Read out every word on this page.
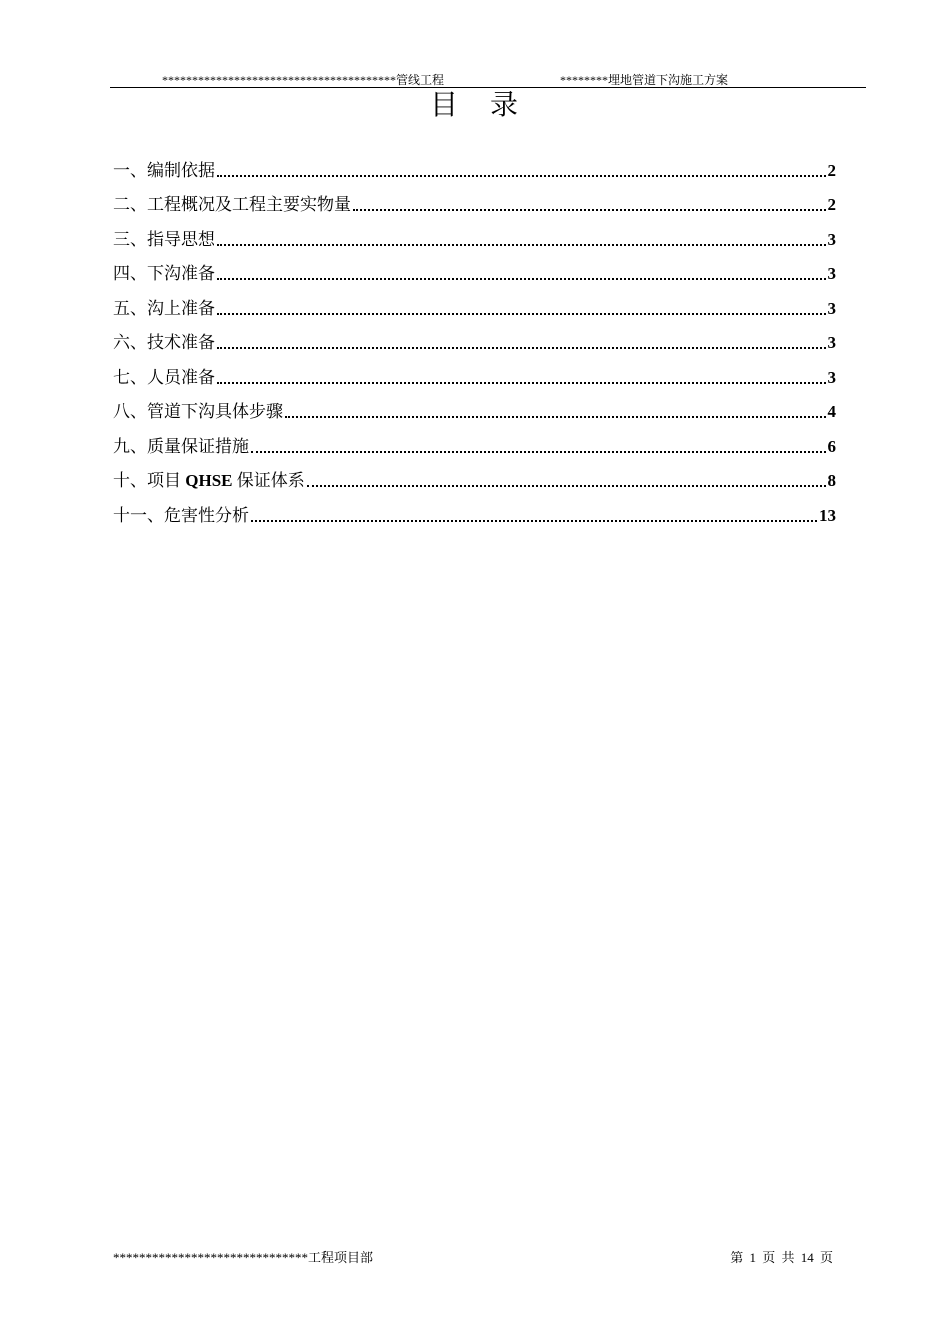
***************************************管线工程	********埋地管道下沟施工方案
目　录
一、编制依据	2
二、工程概况及工程主要实物量	2
三、指导思想	3
四、下沟准备	3
五、沟上准备	3
六、技术准备	3
七、人员准备	3
八、管道下沟具体步骤	4
九、质量保证措施	6
十、项目 QHSE 保证体系	8
十一、危害性分析	13
******************************工程项目部	第 1 页 共 14 页
